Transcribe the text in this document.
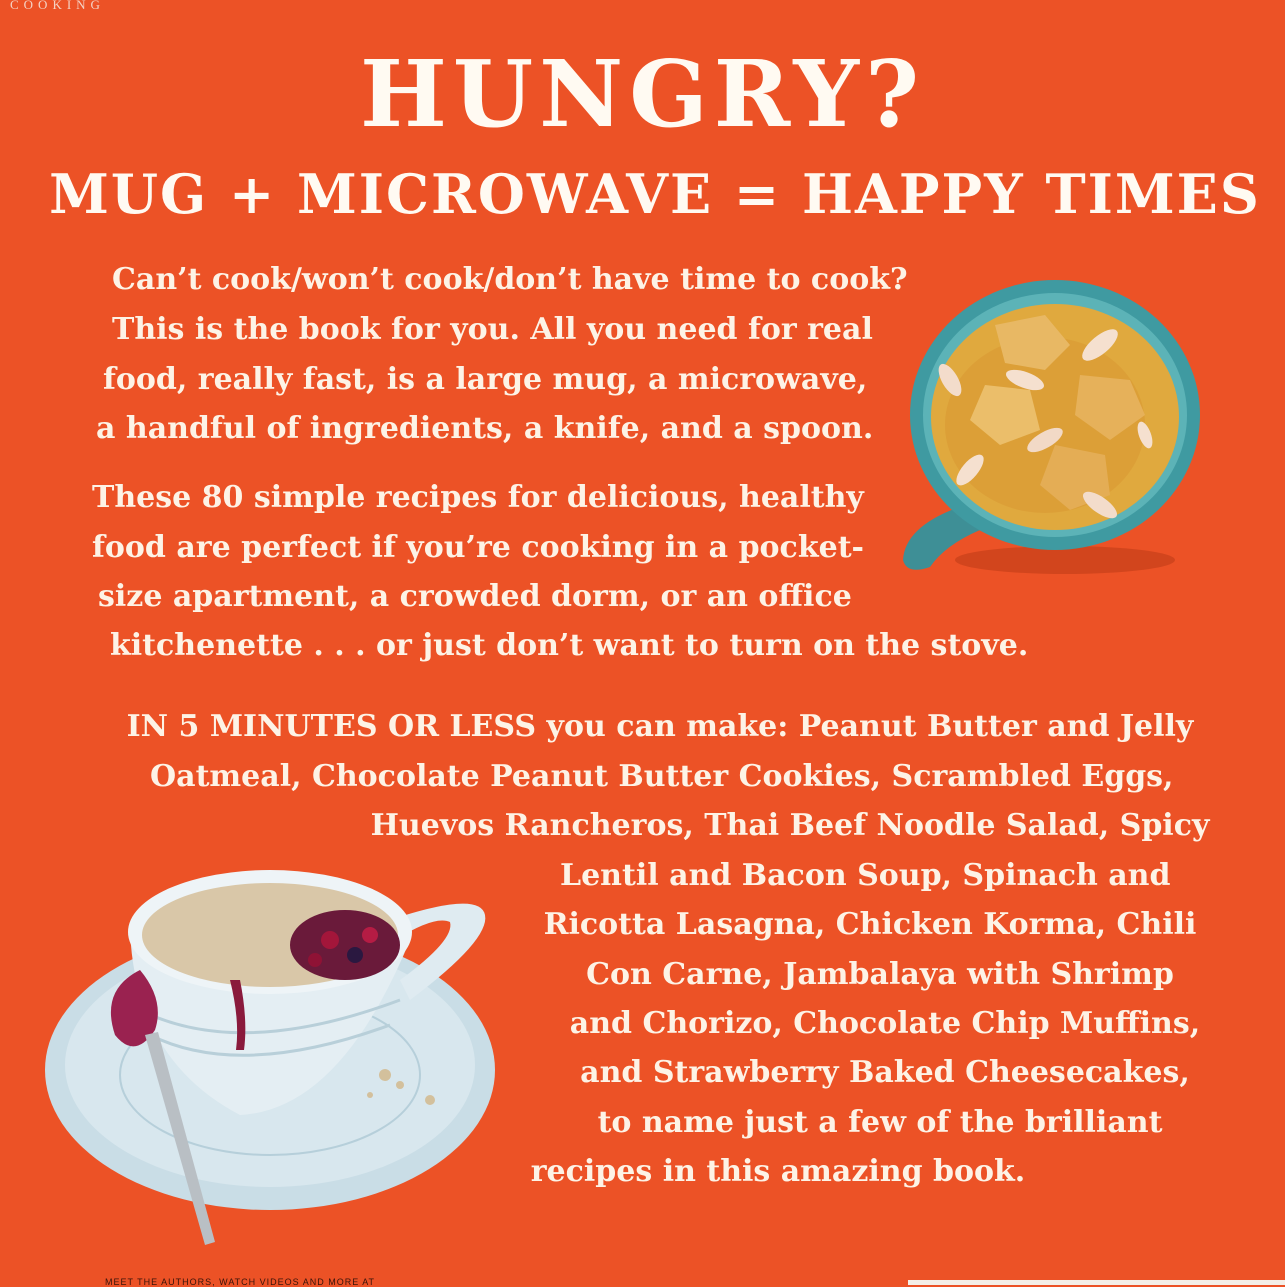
COOKING
HUNGRY?
MUG + MICROWAVE = HAPPY TIMES
Can’t cook/won’t cook/don’t have time to cook?
This is the book for you. All you need for real
food, really fast, is a large mug, a microwave,
a handful of ingredients, a knife, and a spoon.
These 80 simple recipes for delicious, healthy
food are perfect if you’re cooking in a pocket-
size apartment, a crowded dorm, or an office
kitchenette . . . or just don’t want to turn on the stove.
IN 5 MINUTES OR LESS you can make: Peanut Butter and Jelly
Oatmeal, Chocolate Peanut Butter Cookies, Scrambled Eggs,
Huevos Rancheros, Thai Beef Noodle Salad, Spicy
Lentil and Bacon Soup, Spinach and
Ricotta Lasagna, Chicken Korma, Chili
Con Carne, Jambalaya with Shrimp
and Chorizo, Chocolate Chip Muffins,
and Strawberry Baked Cheesecakes,
to name just a few of the brilliant
recipes in this amazing book.
MEET THE AUTHORS, WATCH VIDEOS AND MORE AT
